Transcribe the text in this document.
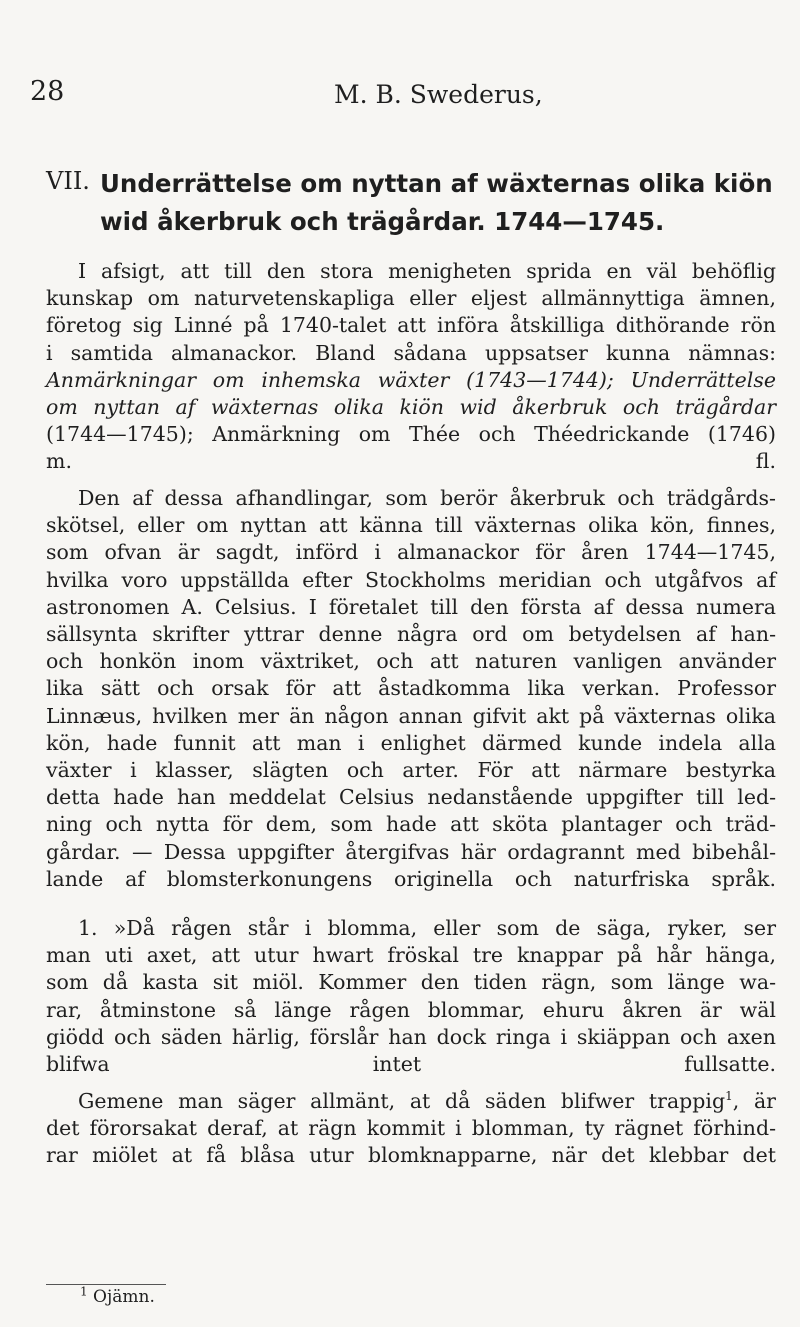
28	M. B. Swederus,
VII. Underrättelse om nyttan af wäxternas olika kiön
wid åkerbruk och trägårdar. 1744—1745.
I afsigt, att till den stora menigheten sprida en väl behöflig
kunskap om naturvetenskapliga eller eljest allmännyttiga ämnen,
företog sig Linné på 1740-talet att införa åtskilliga dithörande rön
i samtida almanackor. Bland sådana uppsatser kunna nämnas:
Anmärkningar om inhemska wäxter (1743—1744); Underrättelse
om nyttan af wäxternas olika kiön wid åkerbruk och trägårdar
(1744—1745); Anmärkning om Thée och Théedrickande (1746)
m. fl.
Den af dessa afhandlingar, som berör åkerbruk och trädgårds-
skötsel, eller om nyttan att känna till växternas olika kön, finnes,
som ofvan är sagdt, införd i almanackor för åren 1744—1745,
hvilka voro uppställda efter Stockholms meridian och utgåfvos af
astronomen A. Celsius. I företalet till den första af dessa numera
sällsynta skrifter yttrar denne några ord om betydelsen af han-
och honkön inom växtriket, och att naturen vanligen använder
lika sätt och orsak för att åstadkomma lika verkan. Professor
Linnæus, hvilken mer än någon annan gifvit akt på växternas olika
kön, hade funnit att man i enlighet därmed kunde indela alla
växter i klasser, slägten och arter. För att närmare bestyrka
detta hade han meddelat Celsius nedanstående uppgifter till led-
ning och nytta för dem, som hade att sköta plantager och träd-
gårdar. — Dessa uppgifter återgifvas här ordagrannt med bibehål-
lande af blomsterkonungens originella och naturfriska språk.
1. »Då rågen står i blomma, eller som de säga, ryker, ser
man uti axet, att utur hwart fröskal tre knappar på hår hänga,
som då kasta sit miöl. Kommer den tiden rägn, som länge wa-
rar, åtminstone så länge rågen blommar, ehuru åkren är wäl
giödd och säden härlig, förslår han dock ringa i skiäppan och axen
blifwa intet fullsatte.
Gemene man säger allmänt, at då säden blifwer trappig$^1$, är
det förorsakat deraf, at rägn kommit i blomman, ty rägnet förhind-
rar miölet at få blåsa utur blomknapparne, när det klebbar det
$^1$ Ojämn.
